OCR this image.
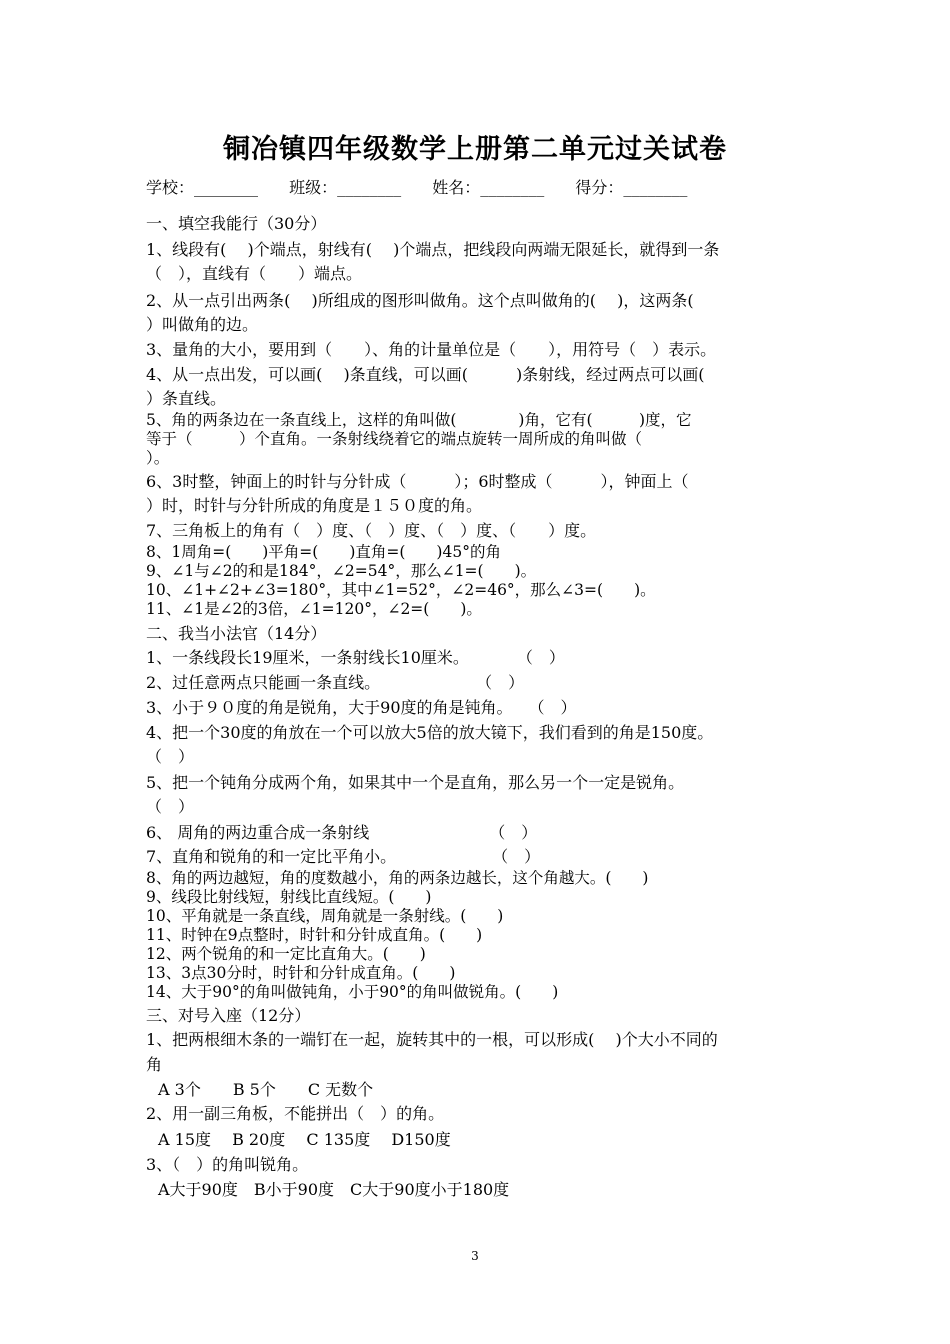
铜冶镇四年级数学上册第二单元过关试卷
学校：________ 班级：________ 姓名：________ 得分：________
一、填空我能行（30分）
1、线段有(　 )个端点，射线有(　 )个端点，把线段向两端无限延长，就得到一条
（　），直线有（　　）端点。
2、从一点引出两条(　 )所组成的图形叫做角。这个点叫做角的(　 )，这两条(
）叫做角的边。
3、量角的大小，要用到（　　）、角的计量单位是（　　），用符号（　）表示。
4、从一点出发，可以画(　 )条直线，可以画(　　　)条射线，经过两点可以画(
）条直线。
5、角的两条边在一条直线上，这样的角叫做(　　　　)角，它有(　　　)度，它
等于（　　　）个直角。一条射线绕着它的端点旋转一周所成的角叫做（
）。
6、3时整，钟面上的时针与分针成（　　　）；6时整成（　　　），钟面上（
）时，时针与分针所成的角度是１５０度的角。
7、三角板上的角有（　）度、（　）度、（　）度、（　　）度。
8、1周角=(　　)平角=(　　)直角=(　　)45°的角
9、∠1与∠2的和是184°，∠2=54°，那么∠1=(　　)。
10、∠1+∠2+∠3=180°，其中∠1=52°，∠2=46°，那么∠3=(　　)。
11、∠1是∠2的3倍，∠1=120°，∠2=(　　)。
二、我当小法官（14分）
1、一条线段长19厘米，一条射线长10厘米。　　　　（　）
2、过任意两点只能画一条直线。　　　　　　　（　）
3、小于９０度的角是锐角，大于90度的角是钝角。　　（　）
4、把一个30度的角放在一个可以放大5倍的放大镜下，我们看到的角是150度。
（　）
5、把一个钝角分成两个角，如果其中一个是直角，那么另一个一定是锐角。
（　）
6、 周角的两边重合成一条射线　　　　　　　　（　）
7、直角和锐角的和一定比平角小。　　　　　　　（　）
8、角的两边越短，角的度数越小，角的两条边越长，这个角越大。(　　)
9、线段比射线短，射线比直线短。(　　)
10、平角就是一条直线，周角就是一条射线。(　　)
11、时钟在9点整时，时针和分针成直角。(　　)
12、两个锐角的和一定比直角大。(　　)
13、3点30分时，时针和分针成直角。(　　)
14、大于90°的角叫做钝角，小于90°的角叫做锐角。(　　)
三、对号入座（12分）
1、把两根细木条的一端钉在一起，旋转其中的一根，可以形成(　 )个大小不同的
角
A 3个　　B 5个　　C 无数个
2、用一副三角板，不能拼出（　）的角。
A 15度　 B 20度　 C 135度　 D150度
3、（　）的角叫锐角。
A大于90度　B小于90度　C大于90度小于180度
3
